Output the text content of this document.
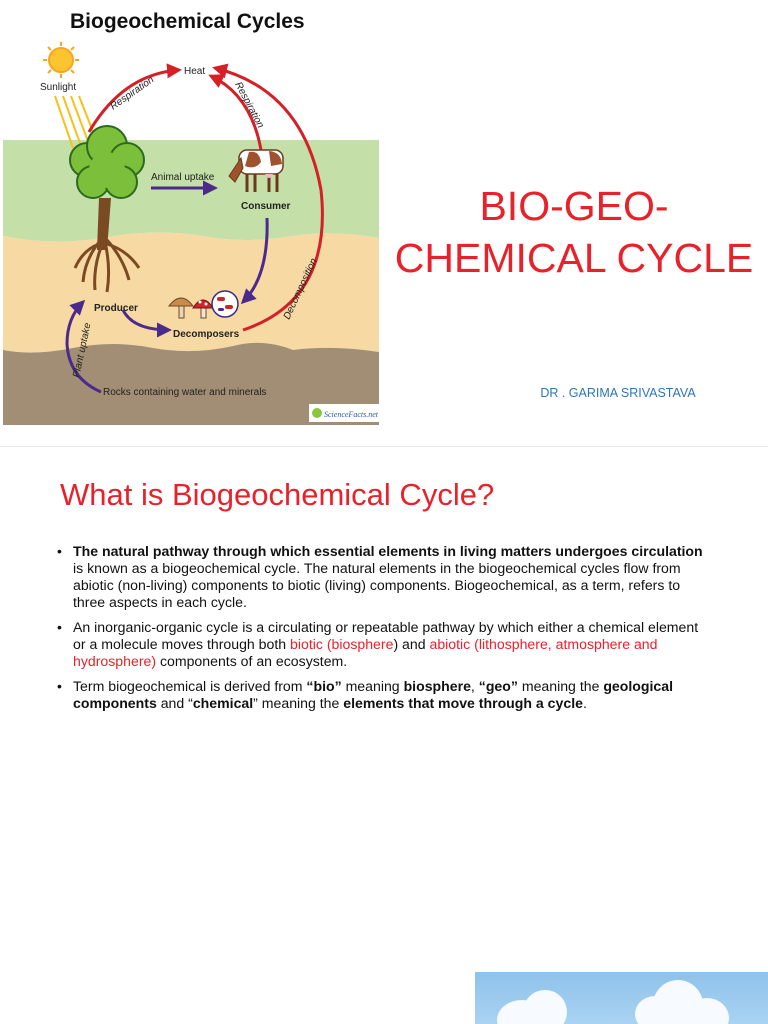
Biogeochemical Cycles
Sunlight
Heat
Respiration	Respiration
Decomposition
Animal uptake
Consumer
Producer
Decomposers
Plant uptake
Rocks containing water and minerals
ScienceFacts.net
BIO-GEO-
CHEMICAL CYCLE
DR . GARIMA SRIVASTAVA
What is Biogeochemical Cycle?
• The natural pathway through which essential elements in living matters undergoes circulation is known as a biogeochemical cycle. The natural elements in the biogeochemical cycles flow from abiotic (non-living) components to biotic (living) components. Biogeochemical, as a term, refers to three aspects in each cycle.
• An inorganic-organic cycle is a circulating or repeatable pathway by which either a chemical element or a molecule moves through both biotic (biosphere) and abiotic (lithosphere, atmosphere and hydrosphere) components of an ecosystem.
• Term biogeochemical is derived from “bio” meaning biosphere, “geo” meaning the geological components and “chemical” meaning the elements that move through a cycle.
